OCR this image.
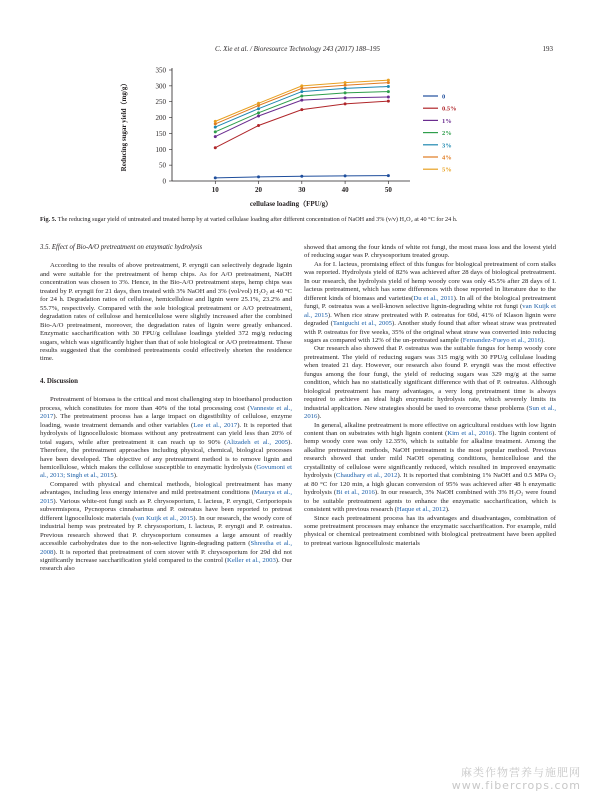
C. Xie et al. / Bioresource Technology 243 (2017) 188–195	193
0
50
100
150
200
250
300
350
10	20	30	40	50
cellulase loading（FPU/g）
Reducing sugar yield（mg/g）	0
0.5%
1%
2%
3%
4%
5%
Fig. 5. The reducing sugar yield of untreated and treated hemp by at varied cellulase loading after different concentration of NaOH and 3% (v/v) H₂O₂ at 40 °C for 24 h.
3.5. Effect of Bio-A/O pretreatment on enzymatic hydrolysis

According to the results of above pretreatment, P. eryngii can selectively degrade lignin and were suitable for the pretreatment of hemp chips. As for A/O pretreatment, NaOH concentration was chosen to 3%. Hence, in the Bio-A/O pretreatment steps, hemp chips was treated by P. eryngii for 21 days, then treated with 3% NaOH and 3% (vol/vol) H₂O₂ at 40 °C for 24 h. Degradation ratios of cellulose, hemicellulose and lignin were 25.1%, 23.2% and 55.7%, respectively. Compared with the sole biological pretreatment or A/O pretreatment, degradation rates of cellulose and hemicellulose were slightly increased after the combined Bio-A/O pretreatment, moreover, the degradation rates of lignin were greatly enhanced. Enzymatic saccharification with 30 FPU/g cellulase loadings yielded 372 mg/g reducing sugars, which was significantly higher than that of sole biological or A/O pretreatment. These results suggested that the combined pretreatments could effectively shorten the residence time.

4. Discussion

Pretreatment of biomass is the critical and most challenging step in bioethanol production process, which constitutes for more than 40% of the total processing cost (Vanneste et al., 2017). The pretreatment process has a large impact on digestibility of cellulose, enzyme loading, waste treatment demands and other variables (Lee et al., 2017). It is reported that hydrolysis of lignocellulosic biomass without any pretreatment can yield less than 20% of total sugars, while after pretreatment it can reach up to 90% (Alizadeh et al., 2005). Therefore, the pretreatment approaches including physical, chemical, biological processes have been developed. The objective of any pretreatment method is to remove lignin and hemicellulose, which makes the cellulose susceptible to enzymatic hydrolysis (Govumoni et al., 2013; Singh et al., 2015).

Compared with physical and chemical methods, biological pretreatment has many advantages, including less energy intensive and mild pretreatment conditions (Maurya et al., 2015). Various white-rot fungi such as P. chrysosporium, I. lacteus, P. eryngii, Ceriporiopsis subvermispora, Pycnoporus cinnabarinus and P. ostreatus have been reported to pretreat different lignocellulosic materials (van Kuijk et al., 2015). In our research, the woody core of industrial hemp was pretreated by P. chrysosporium, I. lacteus, P. eryngii and P. ostreatus. Previous research showed that P. chrysosporium consumes a large amount of readily accessible carbohydrates due to the non-selective lignin-degrading pattern (Shrestha et al., 2008). It is reported that pretreatment of corn stover with P. chrysosporium for 29d did not significantly increase saccharification yield compared to the control (Keller et al., 2003). Our research also

showed that among the four kinds of white rot fungi, the most mass loss and the lowest yield of reducing sugar was P. chrysosporium treated group.

As for I. lacteus, promising effect of this fungus for biological pretreatment of corn stalks was reported. Hydrolysis yield of 82% was achieved after 28 days of biological pretreatment. In our research, the hydrolysis yield of hemp woody core was only 45.5% after 28 days of I. lacteus pretreatment, which has some differences with those reported in literature due to the different kinds of biomass and varieties(Du et al., 2011). In all of the biological pretreatment fungi, P. ostreatus was a well-known selective lignin-degrading white rot fungi (van Kuijk et al., 2015). When rice straw pretreated with P. ostreatus for 60d, 41% of Klason lignin were degraded (Taniguchi et al., 2005). Another study found that after wheat straw was pretreated with P. ostreatus for five weeks, 35% of the original wheat straw was converted into reducing sugars as compared with 12% of the un-pretreated sample (Fernandez-Fueyo et al., 2016).

Our research also showed that P. ostreatus was the suitable fungus for hemp woody core pretreatment. The yield of reducing sugars was 315 mg/g with 30 FPU/g cellulase loading when treated 21 day. However, our research also found P. eryngii was the most effective fungus among the four fungi, the yield of reducing sugars was 329 mg/g at the same condition, which has no statistically significant difference with that of P. ostreatus. Although biological pretreatment has many advantages, a very long pretreatment time is always required to achieve an ideal high enzymatic hydrolysis rate, which severely limits its industrial application. New strategies should be used to overcome these problems (Sun et al., 2016).

In general, alkaline pretreatment is more effective on agricultural residues with low lignin content than on substrates with high lignin content (Kim et al., 2016). The lignin content of hemp woody core was only 12.35%, which is suitable for alkaline treatment. Among the alkaline pretreatment methods, NaOH pretreatment is the most popular method. Previous research showed that under mild NaOH operating conditions, hemicellulose and the crystallinity of cellulose were significantly reduced, which resulted in improved enzymatic hydrolysis (Chaudhary et al., 2012). It is reported that combining 1% NaOH and 0.5 MPa O₂ at 80 °C for 120 min, a high glucan conversion of 95% was achieved after 48 h enzymatic hydrolysis (Bi et al., 2016). In our research, 3% NaOH combined with 3% H₂O₂ were found to be suitable pretreatment agents to enhance the enzymatic saccharification, which is consistent with previous research (Haque et al., 2012).

Since each pretreatment process has its advantages and disadvantages, combination of some pretreatment processes may enhance the enzymatic saccharification. For example, mild physical or chemical pretreatment combined with biological pretreatment have been applied to pretreat various lignocellulosic materials

麻类作物营养与施肥网
www.fibercrops.com
